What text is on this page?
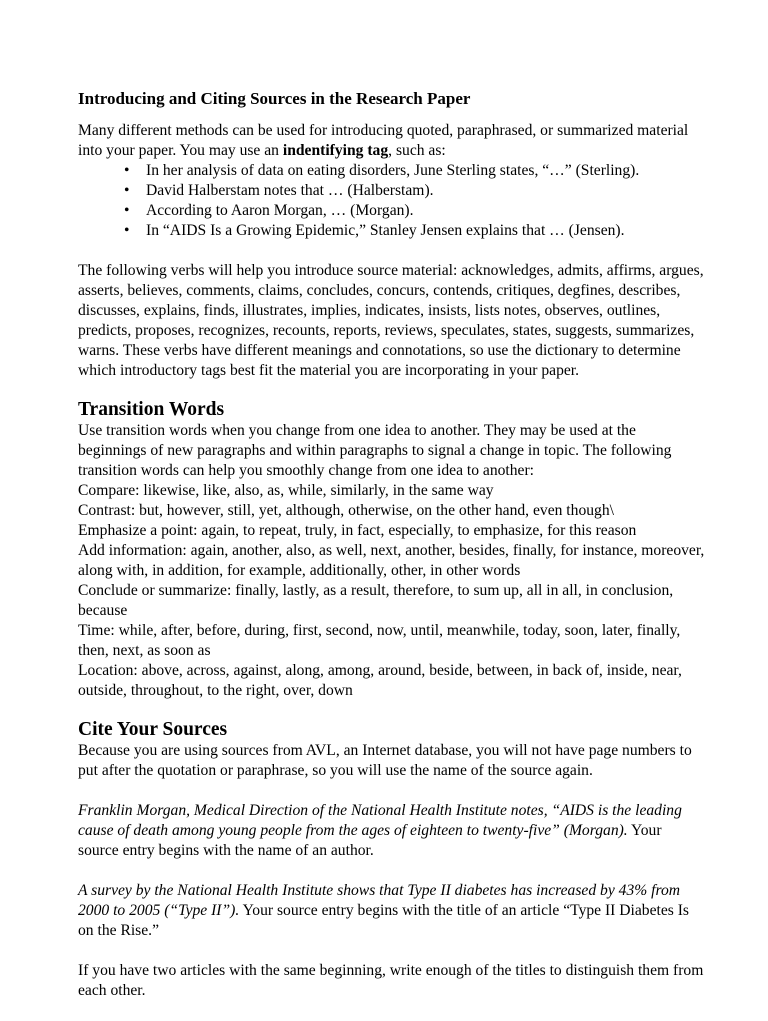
Introducing and Citing Sources in the Research Paper

Many different methods can be used for introducing quoted, paraphrased, or summarized material into your paper. You may use an indentifying tag, such as:

• In her analysis of data on eating disorders, June Sterling states, “…” (Sterling).
• David Halberstam notes that … (Halberstam).
• According to Aaron Morgan, … (Morgan).
• In “AIDS Is a Growing Epidemic,” Stanley Jensen explains that … (Jensen).

The following verbs will help you introduce source material: acknowledges, admits, affirms, argues, asserts, believes, comments, claims, concludes, concurs, contends, critiques, degfines, describes, discusses, explains, finds, illustrates, implies, indicates, insists, lists notes, observes, outlines, predicts, proposes, recognizes, recounts, reports, reviews, speculates, states, suggests, summarizes, warns. These verbs have different meanings and connotations, so use the dictionary to determine which introductory tags best fit the material you are incorporating in your paper.

Transition Words
Use transition words when you change from one idea to another. They may be used at the beginnings of new paragraphs and within paragraphs to signal a change in topic. The following transition words can help you smoothly change from one idea to another:
Compare: likewise, like, also, as, while, similarly, in the same way
Contrast: but, however, still, yet, although, otherwise, on the other hand, even though\
Emphasize a point: again, to repeat, truly, in fact, especially, to emphasize, for this reason
Add information: again, another, also, as well, next, another, besides, finally, for instance, moreover, along with, in addition, for example, additionally, other, in other words
Conclude or summarize: finally, lastly, as a result, therefore, to sum up, all in all, in conclusion, because
Time: while, after, before, during, first, second, now, until, meanwhile, today, soon, later, finally, then, next, as soon as
Location: above, across, against, along, among, around, beside, between, in back of, inside, near, outside, throughout, to the right, over, down
Cite Your Sources

Because you are using sources from AVL, an Internet database, you will not have page numbers to put after the quotation or paraphrase, so you will use the name of the source again.

Franklin Morgan, Medical Direction of the National Health Institute notes, “AIDS is the leading cause of death among young people from the ages of eighteen to twenty-five” (Morgan). Your source entry begins with the name of an author.

A survey by the National Health Institute shows that Type II diabetes has increased by 43% from 2000 to 2005 (“Type II”). Your source entry begins with the title of an article “Type II Diabetes Is on the Rise.”

If you have two articles with the same beginning, write enough of the titles to distinguish them from each other.
